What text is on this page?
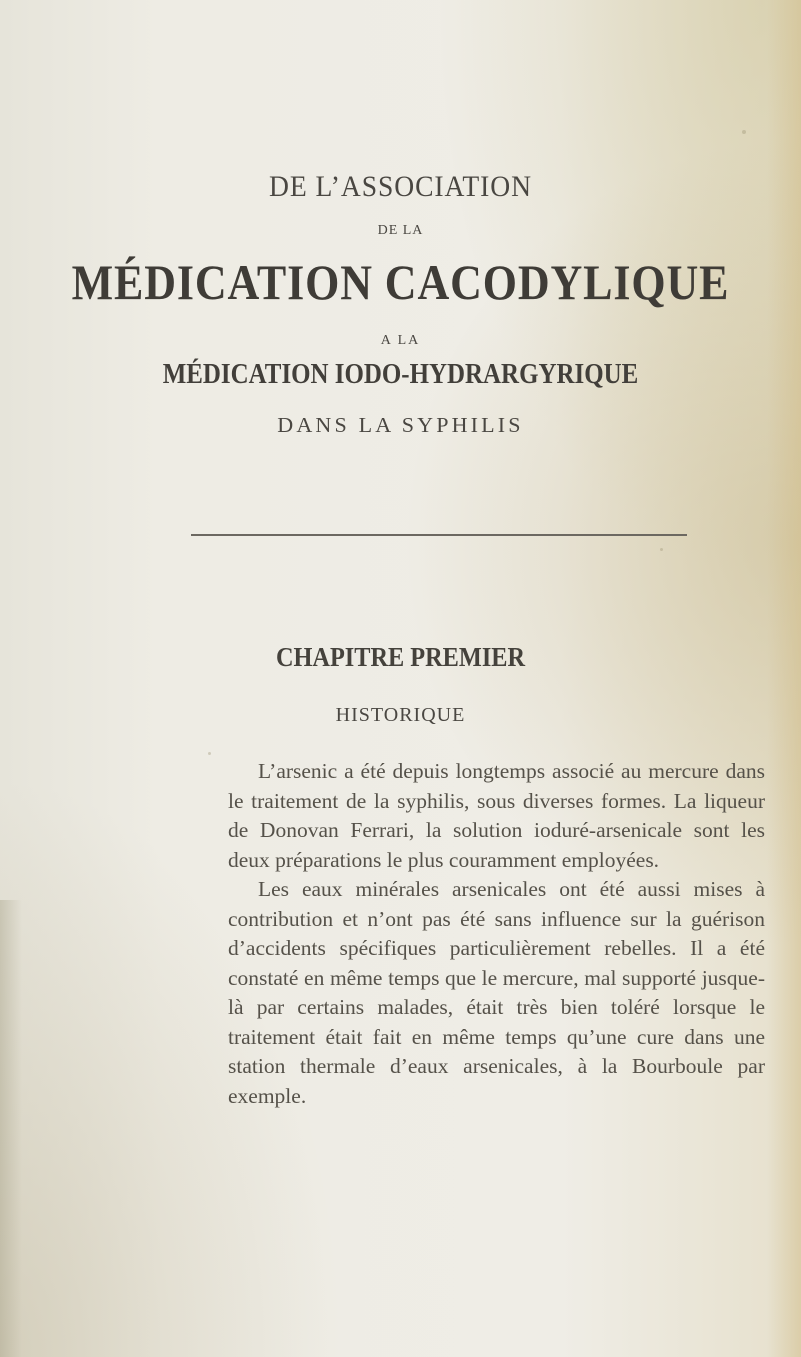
DE L’ASSOCIATION
DE LA
MÉDICATION CACODYLIQUE
A LA
MÉDICATION IODO-HYDRARGYRIQUE
DANS LA SYPHILIS
CHAPITRE PREMIER
HISTORIQUE

L’arsenic a été depuis longtemps associé au mercure dans le traitement de la syphilis, sous diverses formes. La liqueur de Donovan Ferrari, la solution ioduré-arsenicale sont les deux préparations le plus couramment employées.

Les eaux minérales arsenicales ont été aussi mises à contribution et n’ont pas été sans influence sur la guérison d’accidents spécifiques particulièrement rebelles. Il a été constaté en même temps que le mercure, mal supporté jusque-là par certains malades, était très bien toléré lorsque le traitement était fait en même temps qu’une cure dans une station thermale d’eaux arsenicales, à la Bourboule par exemple.
